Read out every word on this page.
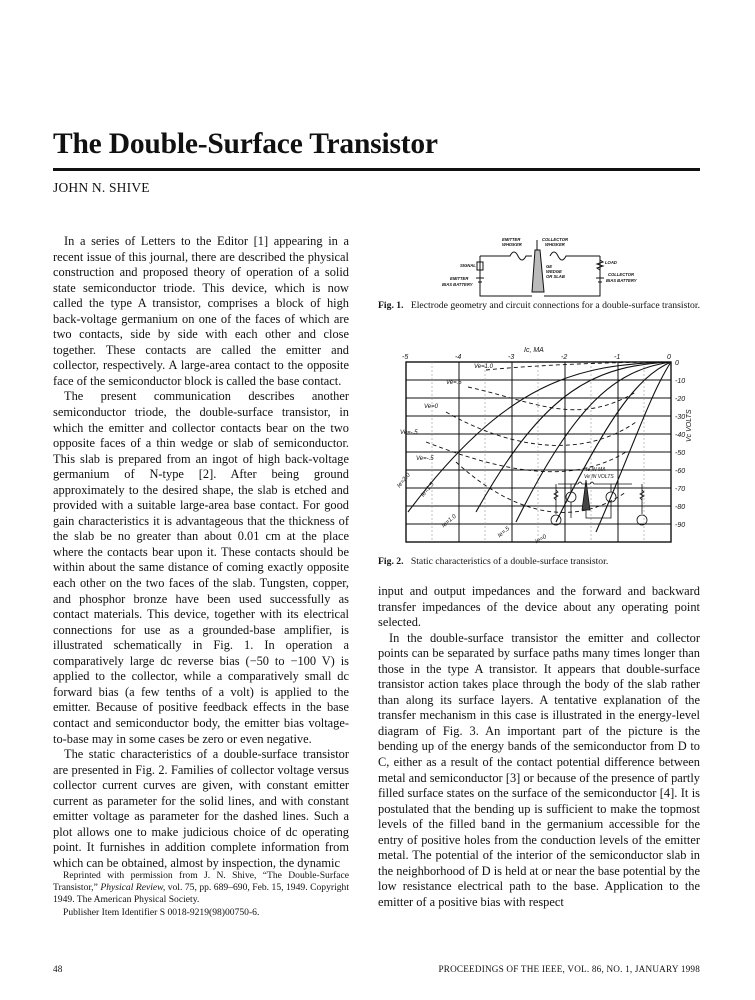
The Double-Surface Transistor
JOHN N. SHIVE

In a series of Letters to the Editor [1] appearing in a recent issue of this journal, there are described the physical construction and proposed theory of operation of a solid state semiconductor triode. This device, which is now called the type A transistor, comprises a block of high back-voltage germanium on one of the faces of which are two contacts, side by side with each other and close together. These contacts are called the emitter and collector, respectively. A large-area contact to the opposite face of the semiconductor block is called the base contact.

The present communication describes another semiconductor triode, the double-surface transistor, in which the emitter and collector contacts bear on the two opposite faces of a thin wedge or slab of semiconductor. This slab is prepared from an ingot of high back-voltage germanium of N-type [2]. After being ground approximately to the desired shape, the slab is etched and provided with a suitable large-area base contact. For good gain characteristics it is advantageous that the thickness of the slab be no greater than about 0.01 cm at the place where the contacts bear upon it. These contacts should be within about the same distance of coming exactly opposite each other on the two faces of the slab. Tungsten, copper, and phosphor bronze have been used successfully as contact materials. This device, together with its electrical connections for use as a grounded-base amplifier, is illustrated schematically in Fig. 1. In operation a comparatively large dc reverse bias (−50 to −100 V) is applied to the collector, while a comparatively small dc forward bias (a few tenths of a volt) is applied to the emitter. Because of positive feedback effects in the base contact and semiconductor body, the emitter bias voltage-to-base may in some cases be zero or even negative.

The static characteristics of a double-surface transistor are presented in Fig. 2. Families of collector voltage versus collector current curves are given, with constant emitter current as parameter for the solid lines, and with constant emitter voltage as parameter for the dashed lines. Such a plot allows one to make judicious choice of dc operating point. It furnishes in addition complete information from which can be obtained, almost by inspection, the dynamic

Reprinted with permission from J. N. Shive, “The Double-Surface Transistor,” Physical Review, vol. 75, pp. 689–690, Feb. 15, 1949. Copyright 1949. The American Physical Society.

Publisher Item Identifier S 0018-9219(98)00750-6.

EMITTER
WHISKER
COLLECTOR
WHISKER
SIGNAL
LOAD
GE
WEDGE
OR SLAB
EMITTER
BIAS BATTERY
COLLECTOR
BIAS BATTERY
Fig. 1. Electrode geometry and circuit connections for a double-surface transistor.
Ic, MA
-5	-4	-3	-2	-1	0
0
-10
-20
-30
-40
-50
-60
-70
-80
-90
Vc VOLTS
Ve=1.0
Ve=.5
Ve=0
Ve=-.5
Ie=2.0
Ve=-.5
Ie=1.5
Ie=1.0
Ie=.5
Ie=0
Ie IN MA
Ve IN VOLTS
Fig. 2. Static characteristics of a double-surface transistor.

input and output impedances and the forward and backward transfer impedances of the device about any operating point selected.

In the double-surface transistor the emitter and collector points can be separated by surface paths many times longer than those in the type A transistor. It appears that double-surface transistor action takes place through the body of the slab rather than along its surface layers. A tentative explanation of the transfer mechanism in this case is illustrated in the energy-level diagram of Fig. 3. An important part of the picture is the bending up of the energy bands of the semiconductor from D to C, either as a result of the contact potential difference between metal and semiconductor [3] or because of the presence of partly filled surface states on the surface of the semiconductor [4]. It is postulated that the bending up is sufficient to make the topmost levels of the filled band in the germanium accessible for the entry of positive holes from the conduction levels of the emitter metal. The potential of the interior of the semiconductor slab in the neighborhood of D is held at or near the base potential by the low resistance electrical path to the base. Application to the emitter of a positive bias with respect

48	PROCEEDINGS OF THE IEEE, VOL. 86, NO. 1, JANUARY 1998
